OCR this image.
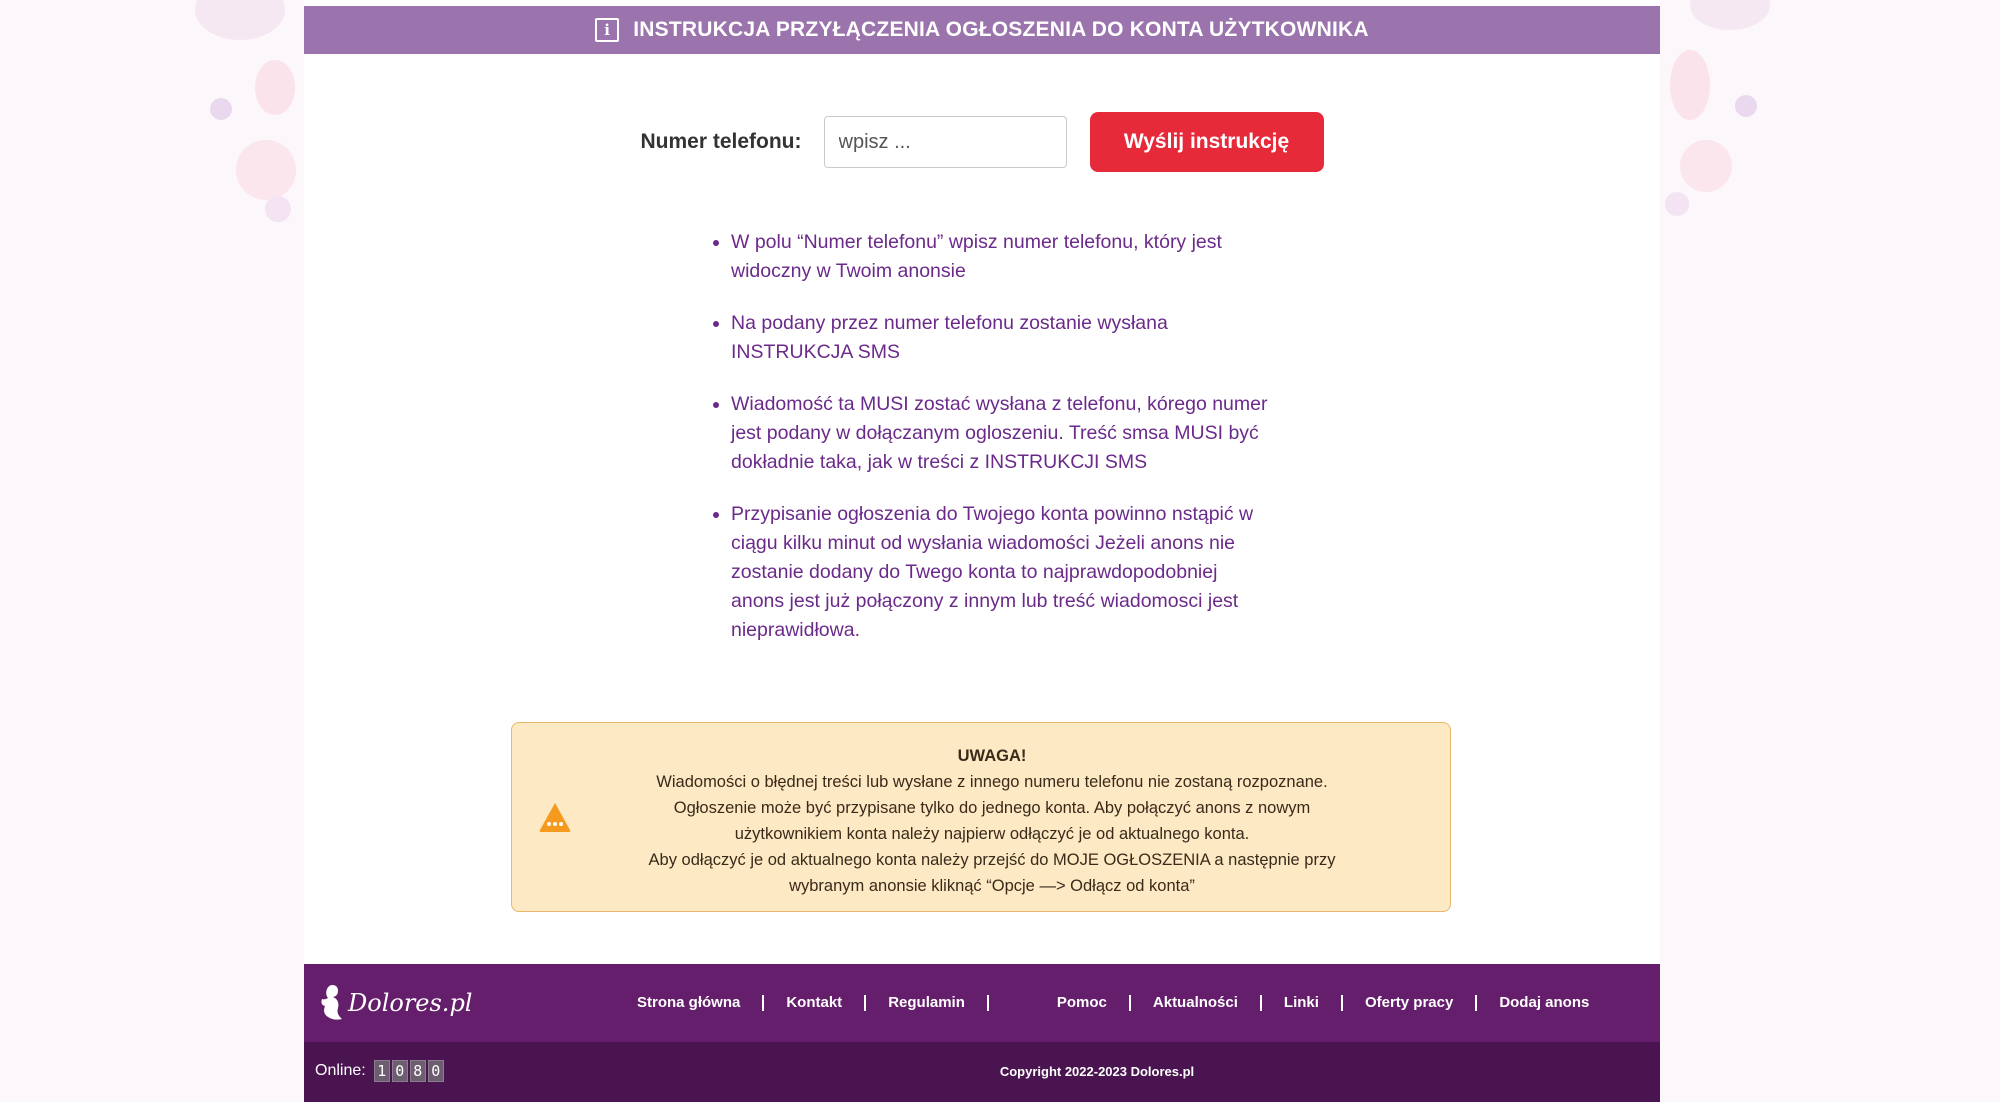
i	INSTRUKCJA PRZYŁĄCZENIA OGŁOSZENIA DO KONTA UŻYTKOWNIKA
Numer telefonu:
wpisz ...	Wyślij instrukcję
W polu “Numer telefonu” wpisz numer telefonu, który jest widoczny w Twoim anonsie
Na podany przez numer telefonu zostanie wysłana INSTRUKCJA SMS
Wiadomość ta MUSI zostać wysłana z telefonu, kórego numer jest podany w dołączanym ogloszeniu. Treść smsa MUSI być dokładnie taka, jak w treści z INSTRUKCJI SMS
Przypisanie ogłoszenia do Twojego konta powinno nstąpić w ciągu kilku minut od wysłania wiadomości Jeżeli anons nie zostanie dodany do Twego konta to najprawdopodobniej anons jest już połączony z innym lub treść wiadomosci jest nieprawidłowa.
UWAGA!
Wiadomości o błędnej treści lub wysłane z innego numeru telefonu nie zostaną rozpoznane.
Ogłoszenie może być przypisane tylko do jednego konta. Aby połączyć anons z nowym
użytkownikiem konta należy najpierw odłączyć je od aktualnego konta.
Aby odłączyć je od aktualnego konta należy przejść do MOJE OGŁOSZENIA a następnie przy
wybranym anonsie kliknąć “Opcje —> Odłącz od konta”
Dolores.pl	Strona główna	Kontakt	Regulamin	Pomoc	Aktualności	Linki	Oferty pracy	Dodaj anons
Online: 1 0 8 0	Copyright 2022-2023 Dolores.pl
